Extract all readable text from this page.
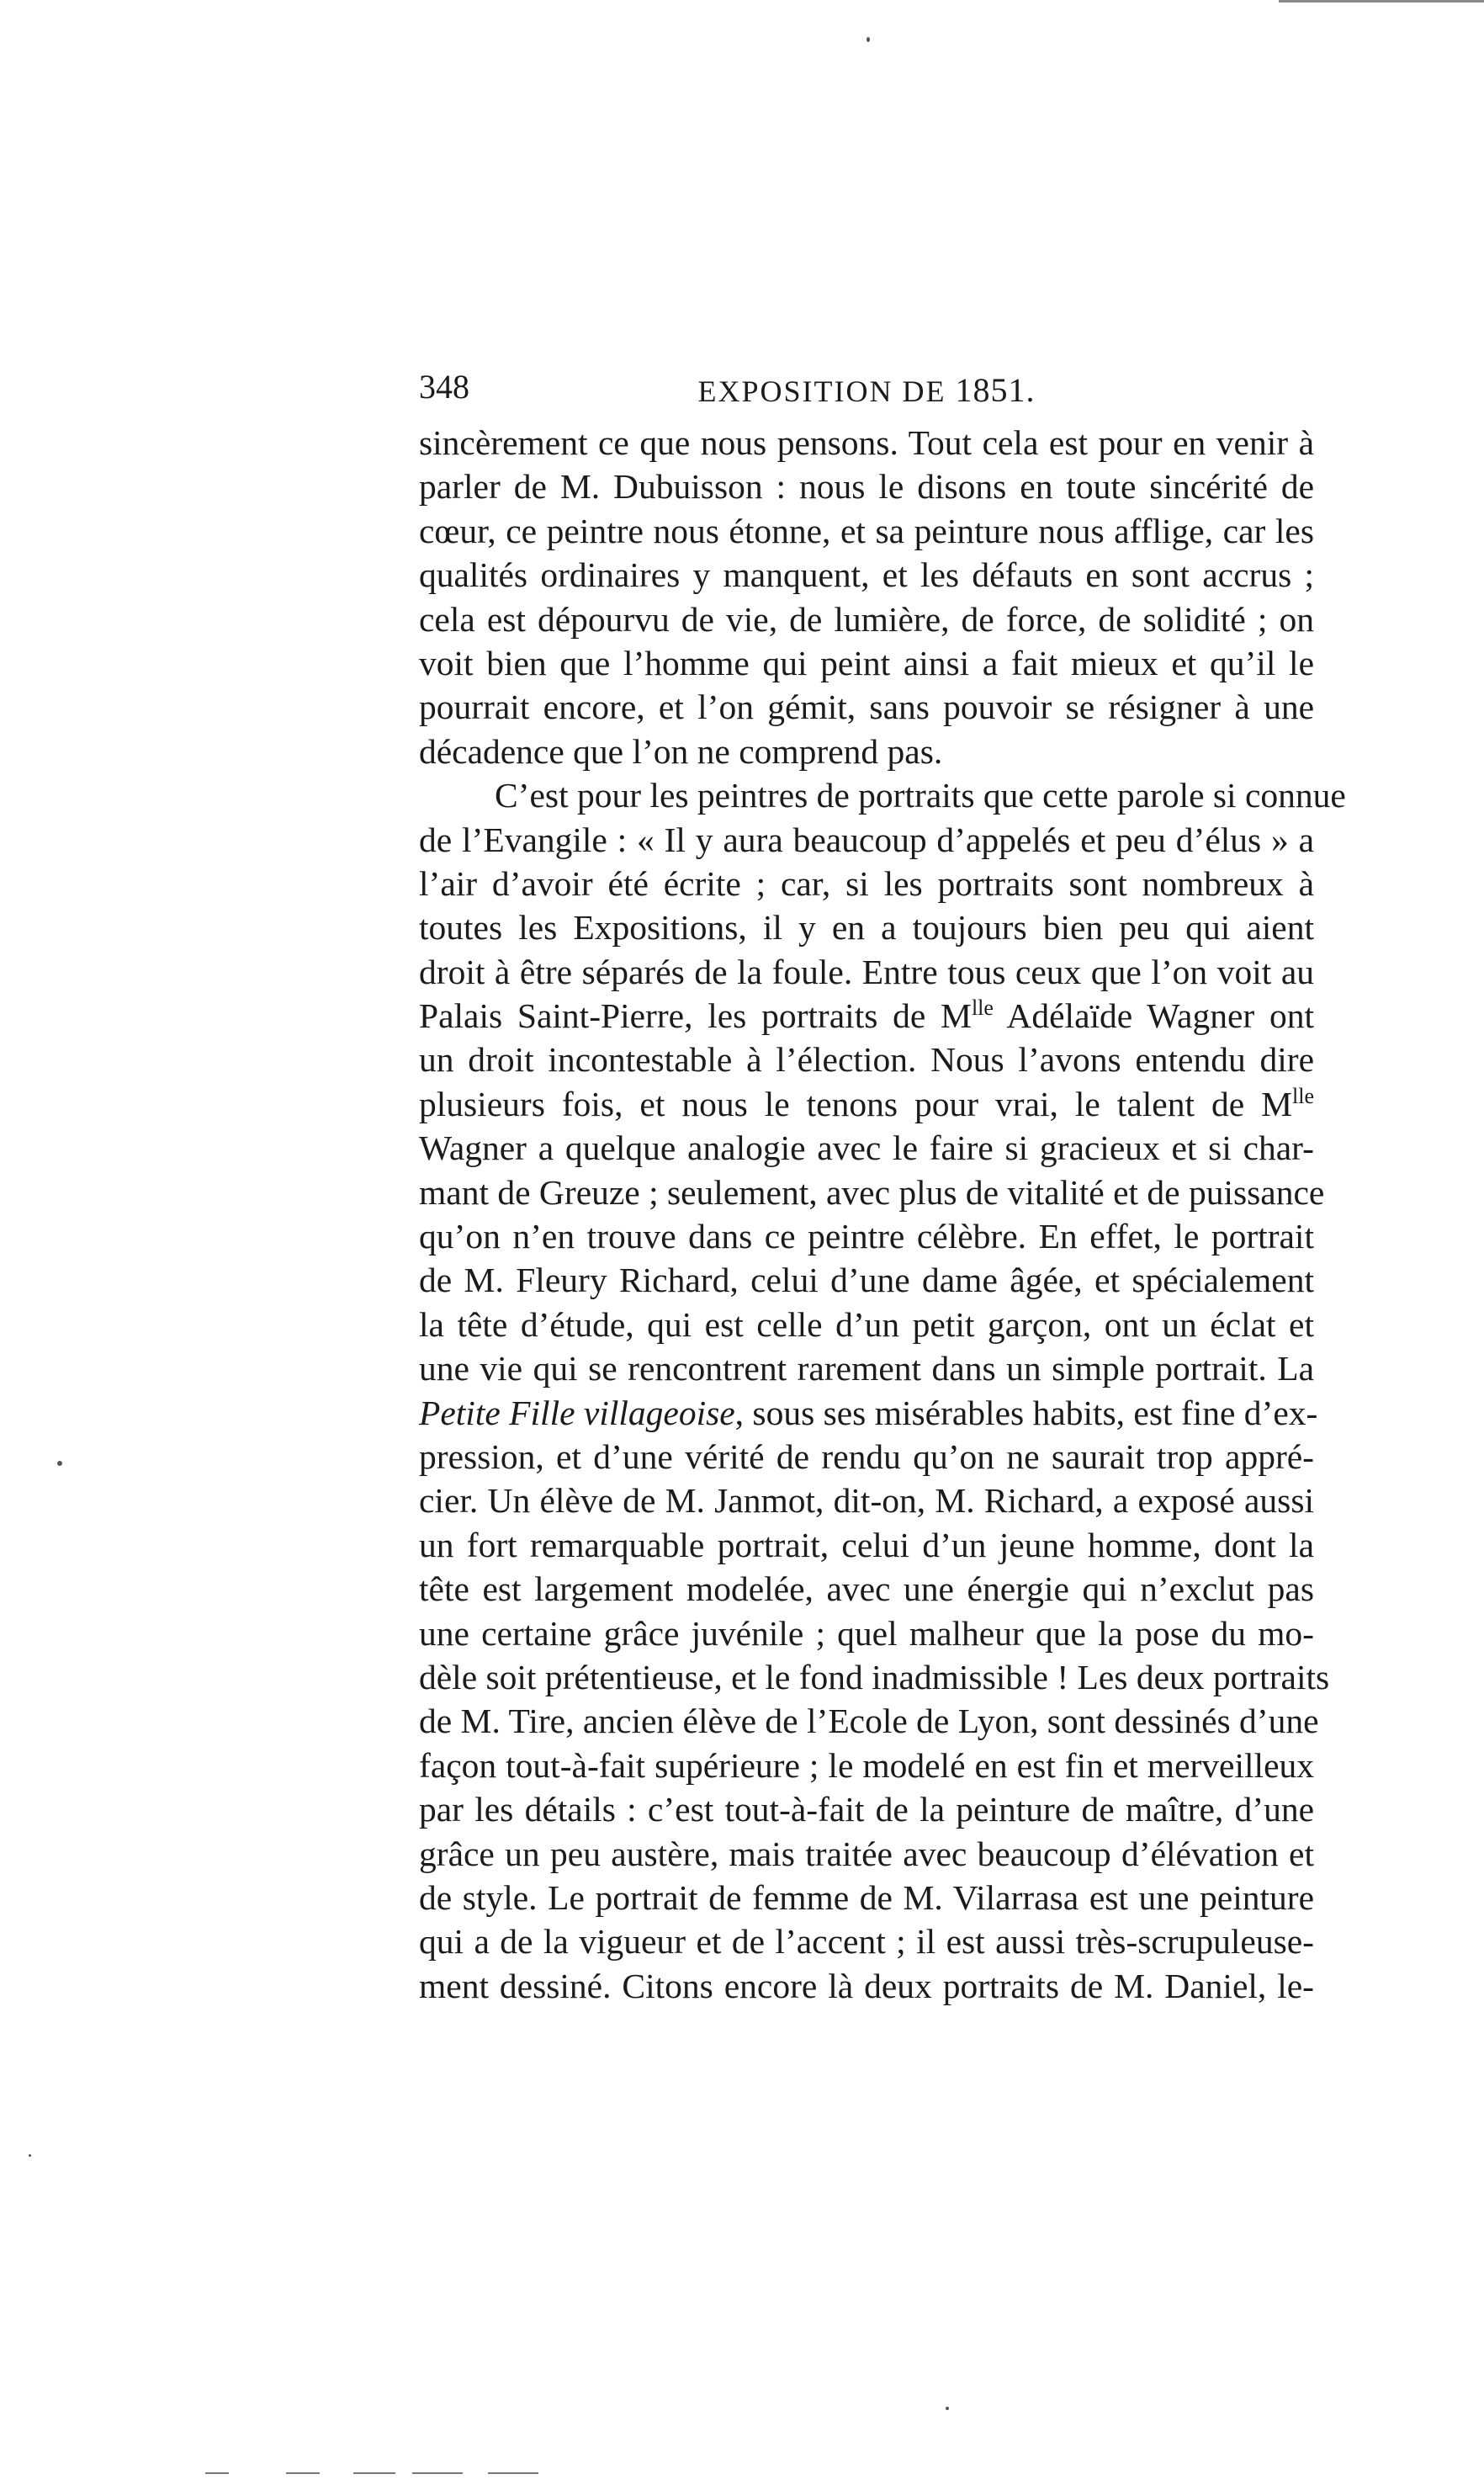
348	EXPOSITION DE 1851.
sincèrement ce que nous pensons. Tout cela est pour en venir à
parler de M. Dubuisson : nous le disons en toute sincérité de
cœur, ce peintre nous étonne, et sa peinture nous afflige, car les
qualités ordinaires y manquent, et les défauts en sont accrus ;
cela est dépourvu de vie, de lumière, de force, de solidité ; on
voit bien que l’homme qui peint ainsi a fait mieux et qu’il le
pourrait encore, et l’on gémit, sans pouvoir se résigner à une
décadence que l’on ne comprend pas.
C’est pour les peintres de portraits que cette parole si connue
de l’Evangile : « Il y aura beaucoup d’appelés et peu d’élus » a
l’air d’avoir été écrite ; car, si les portraits sont nombreux à
toutes les Expositions, il y en a toujours bien peu qui aient
droit à être séparés de la foule. Entre tous ceux que l’on voit au
Palais Saint-Pierre, les portraits de $M^{lle}$ Adélaïde Wagner ont
un droit incontestable à l’élection. Nous l’avons entendu dire
plusieurs fois, et nous le tenons pour vrai, le talent de $M^{lle}$
Wagner a quelque analogie avec le faire si gracieux et si char-
mant de Greuze ; seulement, avec plus de vitalité et de puissance
qu’on n’en trouve dans ce peintre célèbre. En effet, le portrait
de M. Fleury Richard, celui d’une dame âgée, et spécialement
la tête d’étude, qui est celle d’un petit garçon, ont un éclat et
une vie qui se rencontrent rarement dans un simple portrait. La
Petite Fille villageoise, sous ses misérables habits, est fine d’ex-
pression, et d’une vérité de rendu qu’on ne saurait trop appré-
cier. Un élève de M. Janmot, dit-on, M. Richard, a exposé aussi
un fort remarquable portrait, celui d’un jeune homme, dont la
tête est largement modelée, avec une énergie qui n’exclut pas
une certaine grâce juvénile ; quel malheur que la pose du mo-
dèle soit prétentieuse, et le fond inadmissible ! Les deux portraits
de M. Tire, ancien élève de l’Ecole de Lyon, sont dessinés d’une
façon tout-à-fait supérieure ; le modelé en est fin et merveilleux
par les détails : c’est tout-à-fait de la peinture de maître, d’une
grâce un peu austère, mais traitée avec beaucoup d’élévation et
de style. Le portrait de femme de M. Vilarrasa est une peinture
qui a de la vigueur et de l’accent ; il est aussi très-scrupuleuse-
ment dessiné. Citons encore là deux portraits de M. Daniel, le-
